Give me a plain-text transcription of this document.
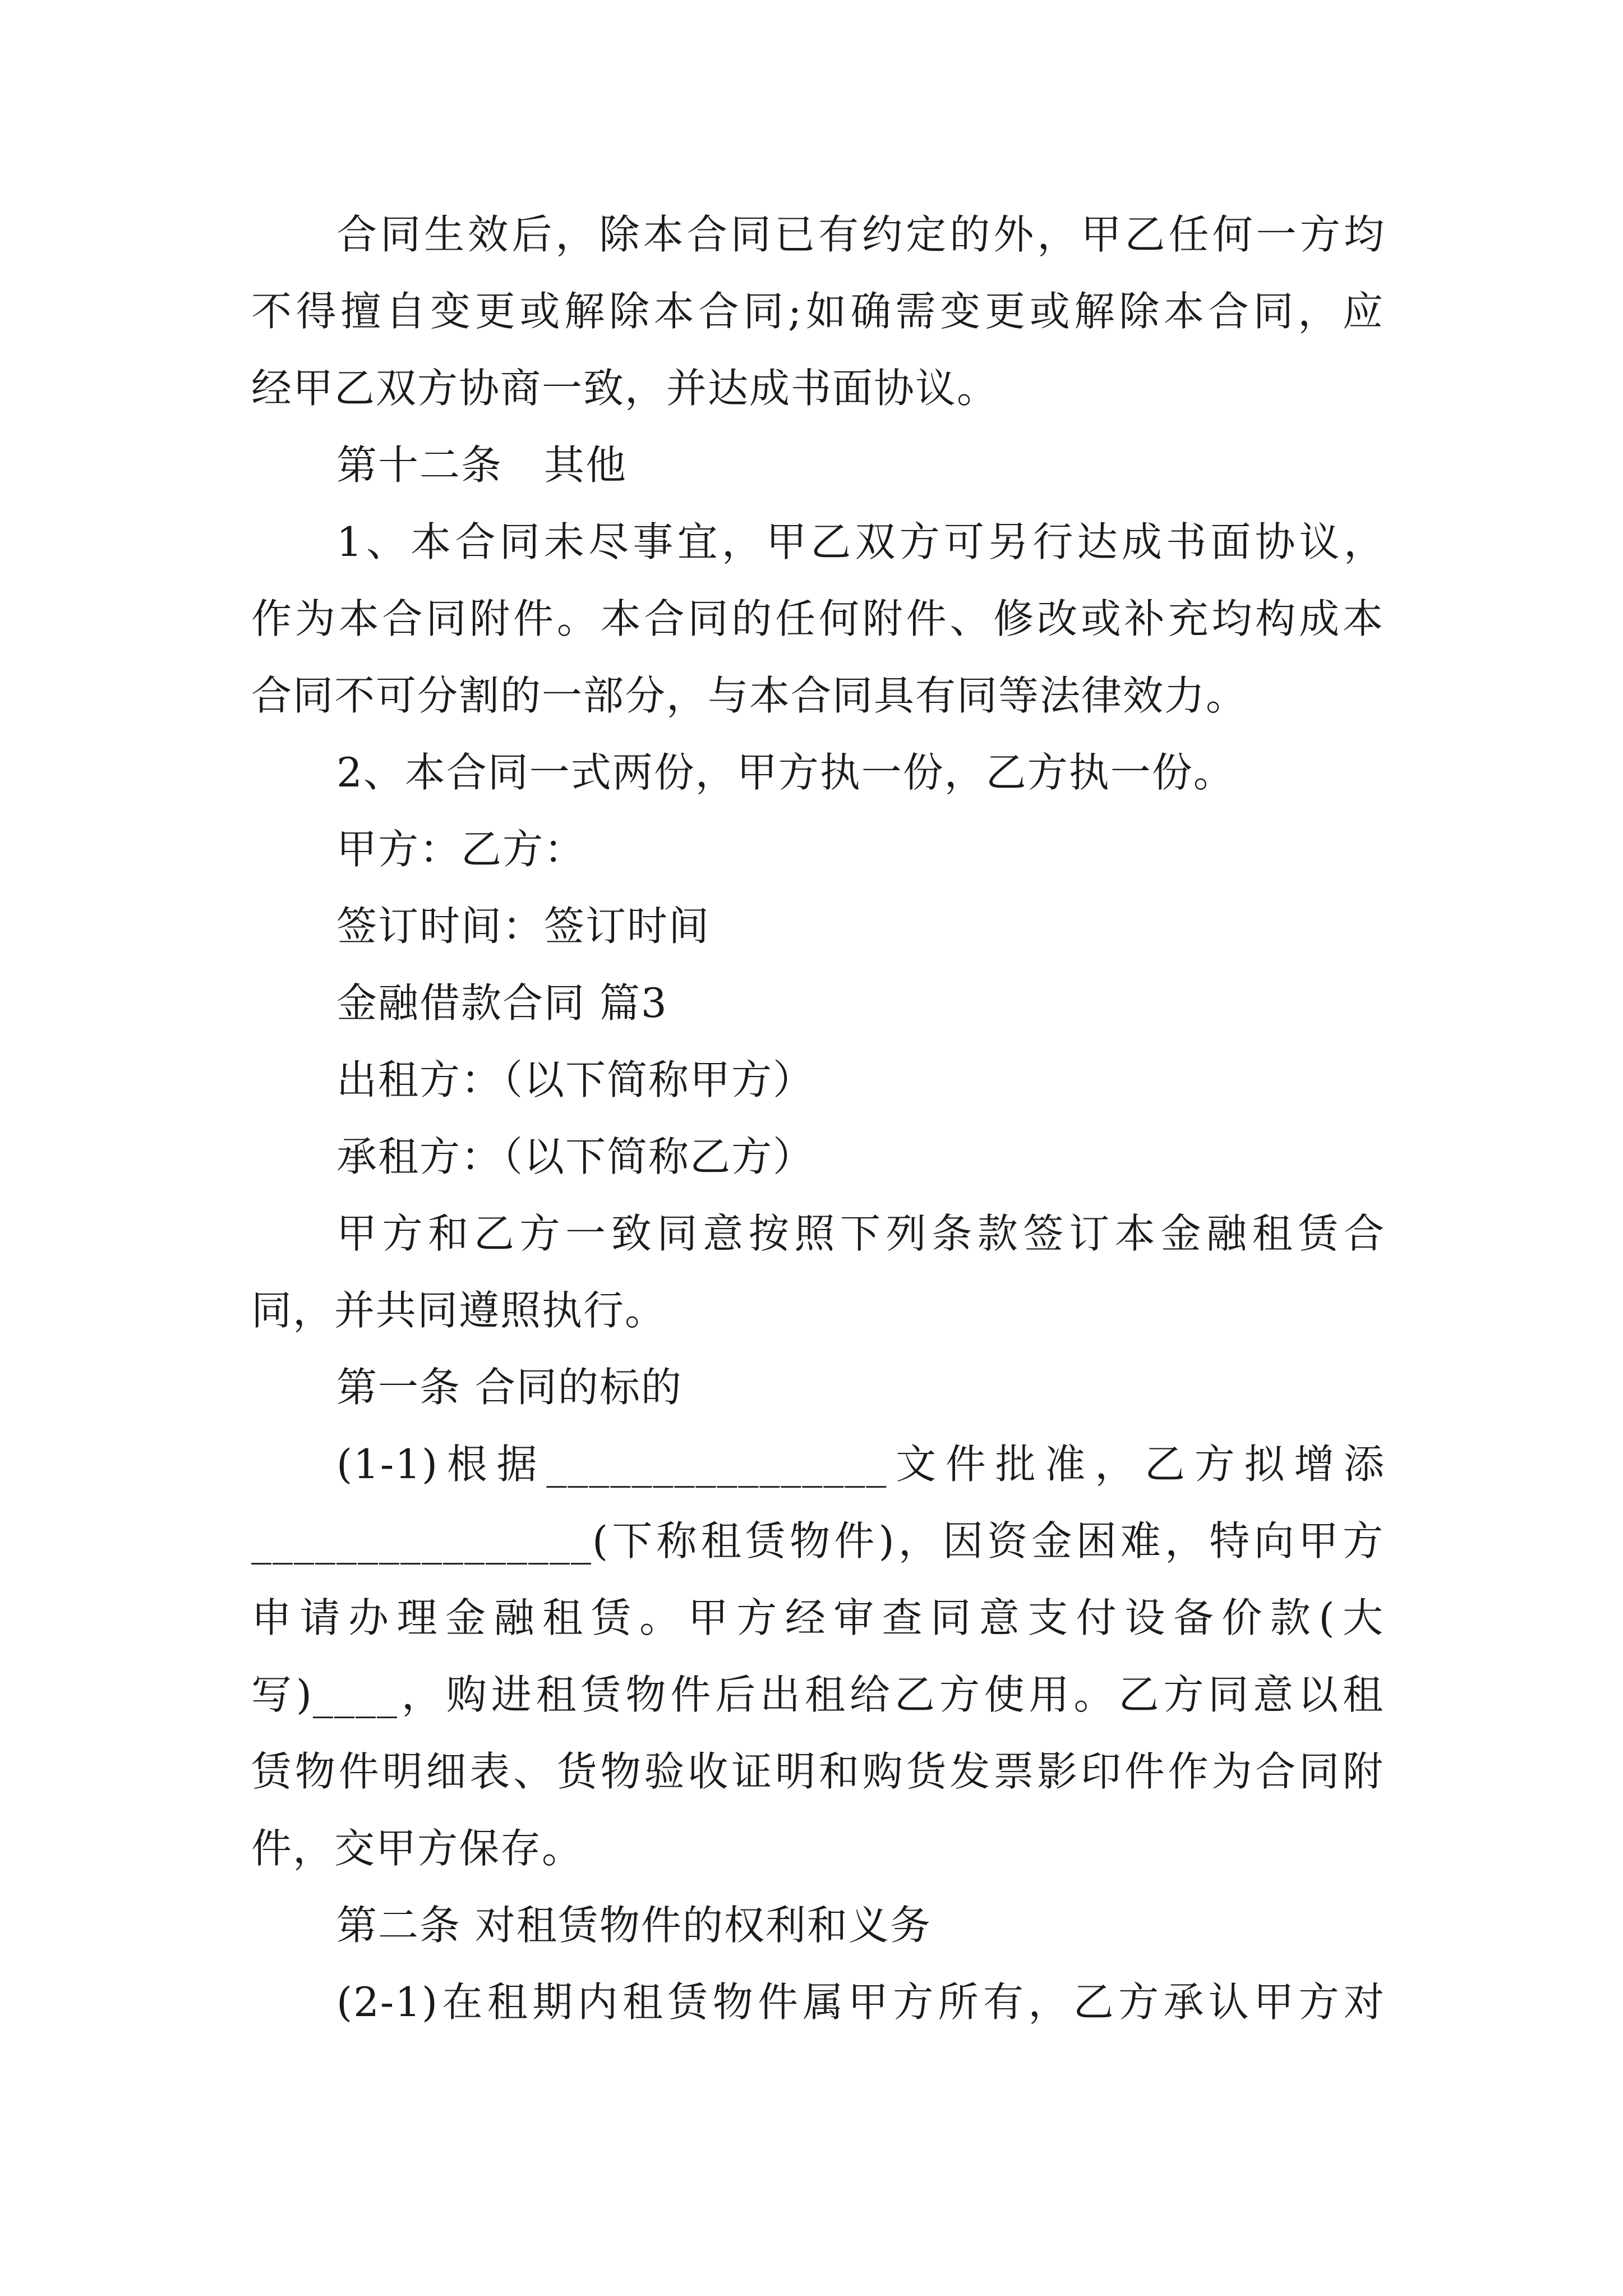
合同生效后，除本合同已有约定的外，甲乙任何一方均
不得擅自变更或解除本合同;如确需变更或解除本合同，应
经甲乙双方协商一致，并达成书面协议。
第十二条　其他
1、本合同未尽事宜，甲乙双方可另行达成书面协议，
作为本合同附件。本合同的任何附件、修改或补充均构成本
合同不可分割的一部分，与本合同具有同等法律效力。
2、本合同一式两份，甲方执一份，乙方执一份。
甲方：乙方：
签订时间：签订时间
金融借款合同 篇3
出租方：（以下简称甲方）
承租方：（以下简称乙方）
甲方和乙方一致同意按照下列条款签订本金融租赁合
同，并共同遵照执行。
第一条 合同的标的
(1-1)根据________________文件批准，乙方拟增添
________________(下称租赁物件)，因资金困难，特向甲方
申请办理金融租赁。甲方经审查同意支付设备价款(大
写)____，购进租赁物件后出租给乙方使用。乙方同意以租
赁物件明细表、货物验收证明和购货发票影印件作为合同附
件，交甲方保存。
第二条 对租赁物件的权利和义务
(2-1)在租期内租赁物件属甲方所有，乙方承认甲方对
